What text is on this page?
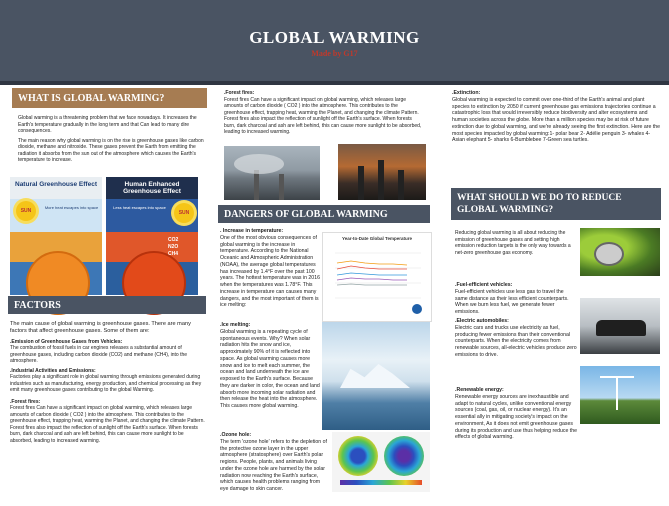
GLOBAL WARMING
Made by G17
WHAT IS GLOBAL WARMING?

Global warming is a threatening problem that we face nowadays. It increases the Earth's temperature gradually in the long term and that Can lead to many dire consequences.

The main reason why global warming is on the rise is greenhouse gases like carbon dioxide, methane and nitroxide. These gases prevent the Earth from emitting the radiation it absorbs from the sun out of the atmosphere which causes the Earth's temperature to increase.

Natural Greenhouse Effect
SUN
More heat escapes into space
Human Enhanced Greenhouse Effect
SUN
Less heat escapes into space
CO2
N2O
CH4
FACTORS

The main cause of global warming is greenhouse gases. There are many factors that affect greenhouse gases. Some of them are:

.Emission of Greenhouse Gases from Vehicles:
The combustion of fossil fuels in car engines releases a substantial amount of greenhouse gases, including carbon dioxide (CO2) and methane (CH4), into the atmosphere.

.Industrial Activities and Emissions:
Factories play a significant role in global warming through emissions generated during industries such as manufacturing, energy production, and chemical processing as they emit many greenhouse gases contributing to the global Warming.

.Forest fires:
Forest fires Can have a significant impact on global warming, which releases large amounts of carbon dioxide ( CO2 ) into the atmosphere. This contributes to the greenhouse effect, trapping heat, warming the Planet, and changing the climate Pattern. Forest fires also impact the reflection of sunlight off the Earth's surface. When forests burn, dark charcoal and ash are left behind, this can cause more sunlight to be absorbed, leading to increased warming.

.Forest fires:
Forest fires Can have a significant impact on global warming, which releases large amounts of carbon dioxide ( CO2 ) into the atmosphere. This contributes to the greenhouse effect, trapping heat, warming the Planet, and changing the climate Pattern. Forest fires also impact the reflection of sunlight off the Earth's surface. When forests burn, dark charcoal and ash are left behind, this can cause more sunlight to be absorbed, leading to increased warming.
DANGERS OF GLOBAL WARMING
. Increase in temperature:
One of the most obvious consequences of global warming is the increase in temperature. According to the National Oceanic and Atmospheric Administration (NOAA), the average global temperatures has increased by 1.4°F over the past 100 years. The hottest temperature was in 2016 when the temperatures was 1.78°F. This increase in temperature can causes many dangers, and the most important of them is ice melting:
Year-to-Date Global Temperature
.Ice melting:
Global warming is a repeating cycle of spontaneous events. Why? When solar radiation hits the snow and ice, approximately 90% of it is reflected into space. As global warming causes more snow and ice to melt each summer, the ocean and land underneath the ice are exposed to the Earth's surface. Because they are darker in color, the ocean and land absorb more incoming solar radiation and then release the heat into the atmosphere. This causes more global warming.
.Ozone hole:
The term 'ozone hole' refers to the depletion of the protective ozone layer in the upper atmosphere (stratosphere) over Earth's polar regions. People, plants, and animals living under the ozone hole are harmed by the solar radiation now reaching the Earth's surface, which causes health problems ranging from eye damage to skin cancer.
.Extinction:
Global warming is expected to commit over one-third of the Earth's animal and plant species to extinction by 2050 if current greenhouse gas emissions trajectories continue a catastrophic loss that would irreversibly reduce biodiversity and alter ecosystems and human societies across the globe. More than a million species may be at risk of future extinction due to global warming, and we're already seeing the first extinction. Here are the most species impacted by global warming:1- polar bear 2- Adélie penguin 3- whales 4- Asian elephant 5- sharks 6-Bumblebee 7-Green sea turtles.
WHAT SHOULD WE DO TO REDUCE GLOBAL WARMING?
Reducing global warming is all about reducing the emission of greenhouse gases and setting high emission reduction targets is the only way towards a net-zero greenhouse gas economy.
.Fuel-efficient vehicles:
Fuel-efficient vehicles use less gas to travel the same distance as their less efficient counterparts. When we burn less fuel, we generate fewer emissions.
.Electric automobiles:
Electric cars and trucks use electricity as fuel, producing fewer emissions than their conventional counterparts. When the electricity comes from renewable sources, all-electric vehicles produce zero emissions to drive.
.Renewable energy:
Renewable energy sources are inexhaustible and adapt to natural cycles, unlike conventional energy sources (coal, gas, oil, or nuclear energy). It's an essential ally in mitigating society's impact on the environment, As it does not emit greenhouse gases during its production and use thus helping reduce the effects of global warming.
